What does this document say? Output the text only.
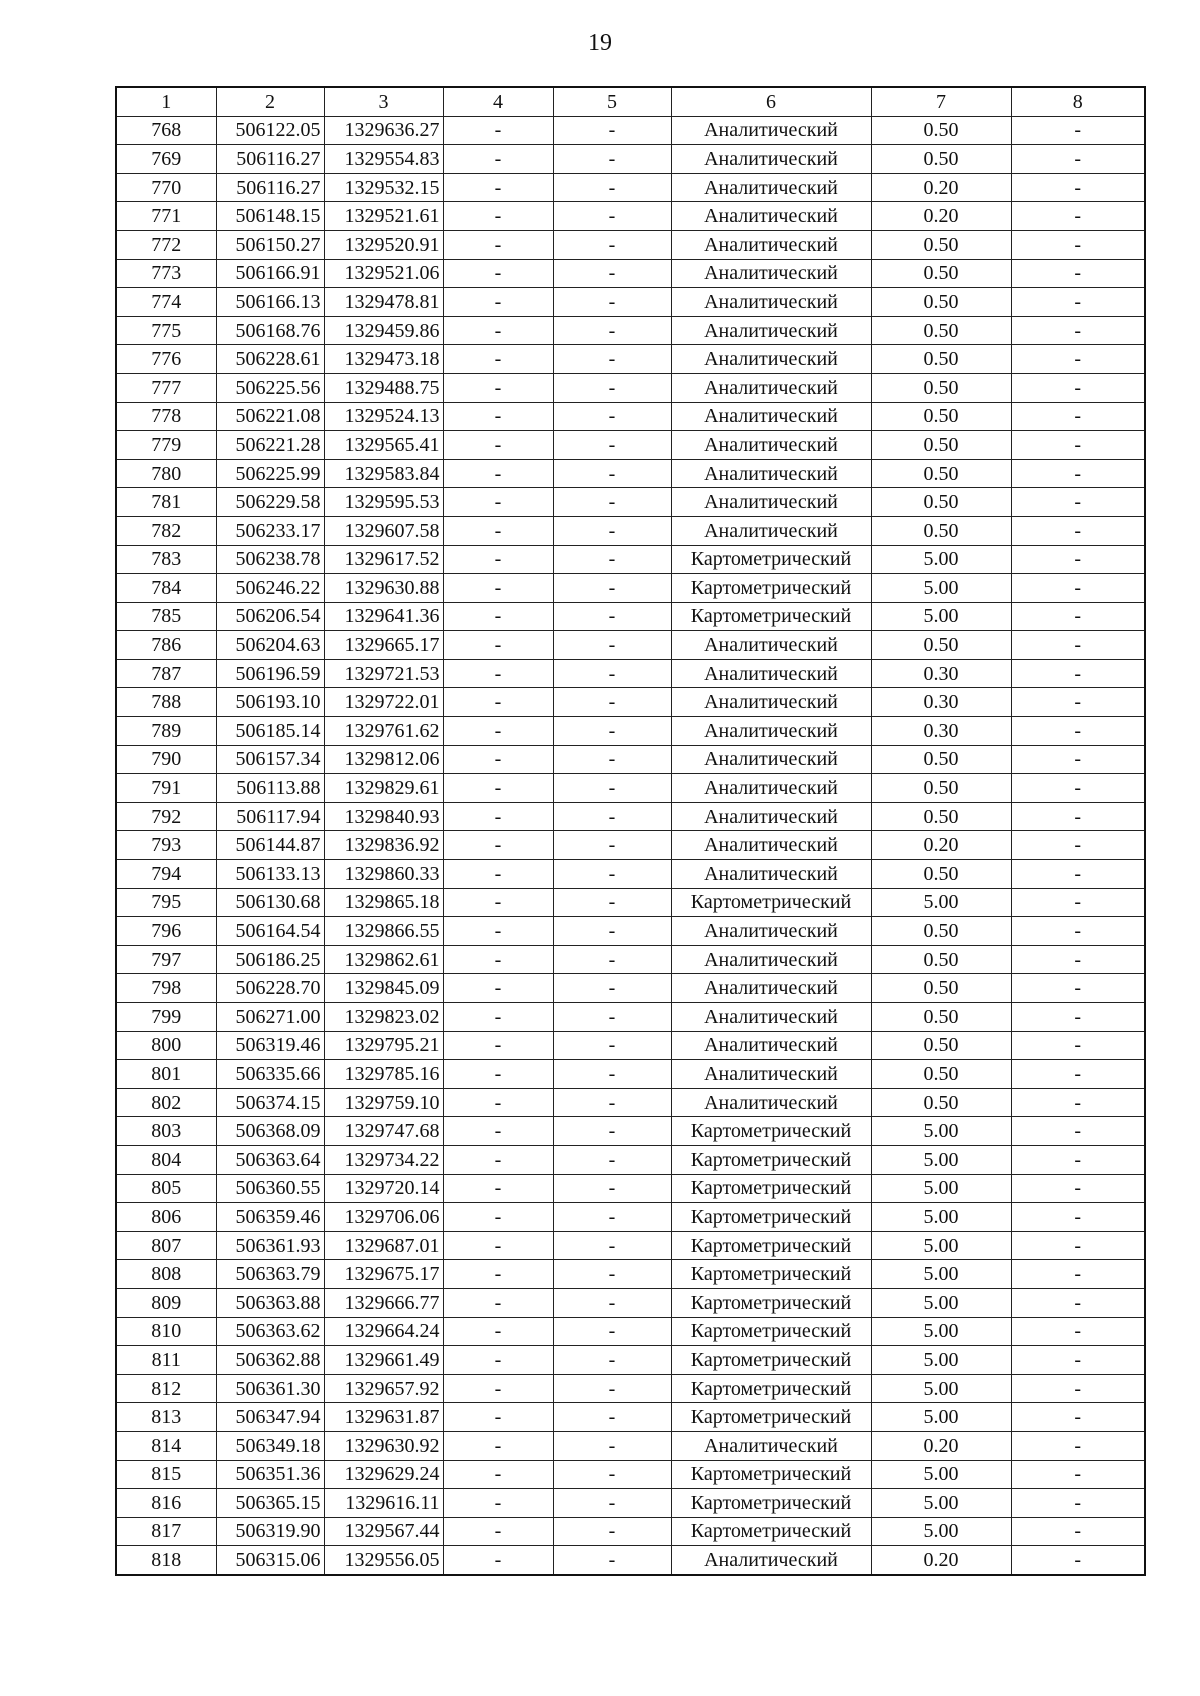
19
1	2	3	4	5	6	7	8
768	506122.05	1329636.27	-	-	Аналитический	0.50	-
769	506116.27	1329554.83	-	-	Аналитический	0.50	-
770	506116.27	1329532.15	-	-	Аналитический	0.20	-
771	506148.15	1329521.61	-	-	Аналитический	0.20	-
772	506150.27	1329520.91	-	-	Аналитический	0.50	-
773	506166.91	1329521.06	-	-	Аналитический	0.50	-
774	506166.13	1329478.81	-	-	Аналитический	0.50	-
775	506168.76	1329459.86	-	-	Аналитический	0.50	-
776	506228.61	1329473.18	-	-	Аналитический	0.50	-
777	506225.56	1329488.75	-	-	Аналитический	0.50	-
778	506221.08	1329524.13	-	-	Аналитический	0.50	-
779	506221.28	1329565.41	-	-	Аналитический	0.50	-
780	506225.99	1329583.84	-	-	Аналитический	0.50	-
781	506229.58	1329595.53	-	-	Аналитический	0.50	-
782	506233.17	1329607.58	-	-	Аналитический	0.50	-
783	506238.78	1329617.52	-	-	Картометрический	5.00	-
784	506246.22	1329630.88	-	-	Картометрический	5.00	-
785	506206.54	1329641.36	-	-	Картометрический	5.00	-
786	506204.63	1329665.17	-	-	Аналитический	0.50	-
787	506196.59	1329721.53	-	-	Аналитический	0.30	-
788	506193.10	1329722.01	-	-	Аналитический	0.30	-
789	506185.14	1329761.62	-	-	Аналитический	0.30	-
790	506157.34	1329812.06	-	-	Аналитический	0.50	-
791	506113.88	1329829.61	-	-	Аналитический	0.50	-
792	506117.94	1329840.93	-	-	Аналитический	0.50	-
793	506144.87	1329836.92	-	-	Аналитический	0.20	-
794	506133.13	1329860.33	-	-	Аналитический	0.50	-
795	506130.68	1329865.18	-	-	Картометрический	5.00	-
796	506164.54	1329866.55	-	-	Аналитический	0.50	-
797	506186.25	1329862.61	-	-	Аналитический	0.50	-
798	506228.70	1329845.09	-	-	Аналитический	0.50	-
799	506271.00	1329823.02	-	-	Аналитический	0.50	-
800	506319.46	1329795.21	-	-	Аналитический	0.50	-
801	506335.66	1329785.16	-	-	Аналитический	0.50	-
802	506374.15	1329759.10	-	-	Аналитический	0.50	-
803	506368.09	1329747.68	-	-	Картометрический	5.00	-
804	506363.64	1329734.22	-	-	Картометрический	5.00	-
805	506360.55	1329720.14	-	-	Картометрический	5.00	-
806	506359.46	1329706.06	-	-	Картометрический	5.00	-
807	506361.93	1329687.01	-	-	Картометрический	5.00	-
808	506363.79	1329675.17	-	-	Картометрический	5.00	-
809	506363.88	1329666.77	-	-	Картометрический	5.00	-
810	506363.62	1329664.24	-	-	Картометрический	5.00	-
811	506362.88	1329661.49	-	-	Картометрический	5.00	-
812	506361.30	1329657.92	-	-	Картометрический	5.00	-
813	506347.94	1329631.87	-	-	Картометрический	5.00	-
814	506349.18	1329630.92	-	-	Аналитический	0.20	-
815	506351.36	1329629.24	-	-	Картометрический	5.00	-
816	506365.15	1329616.11	-	-	Картометрический	5.00	-
817	506319.90	1329567.44	-	-	Картометрический	5.00	-
818	506315.06	1329556.05	-	-	Аналитический	0.20	-
